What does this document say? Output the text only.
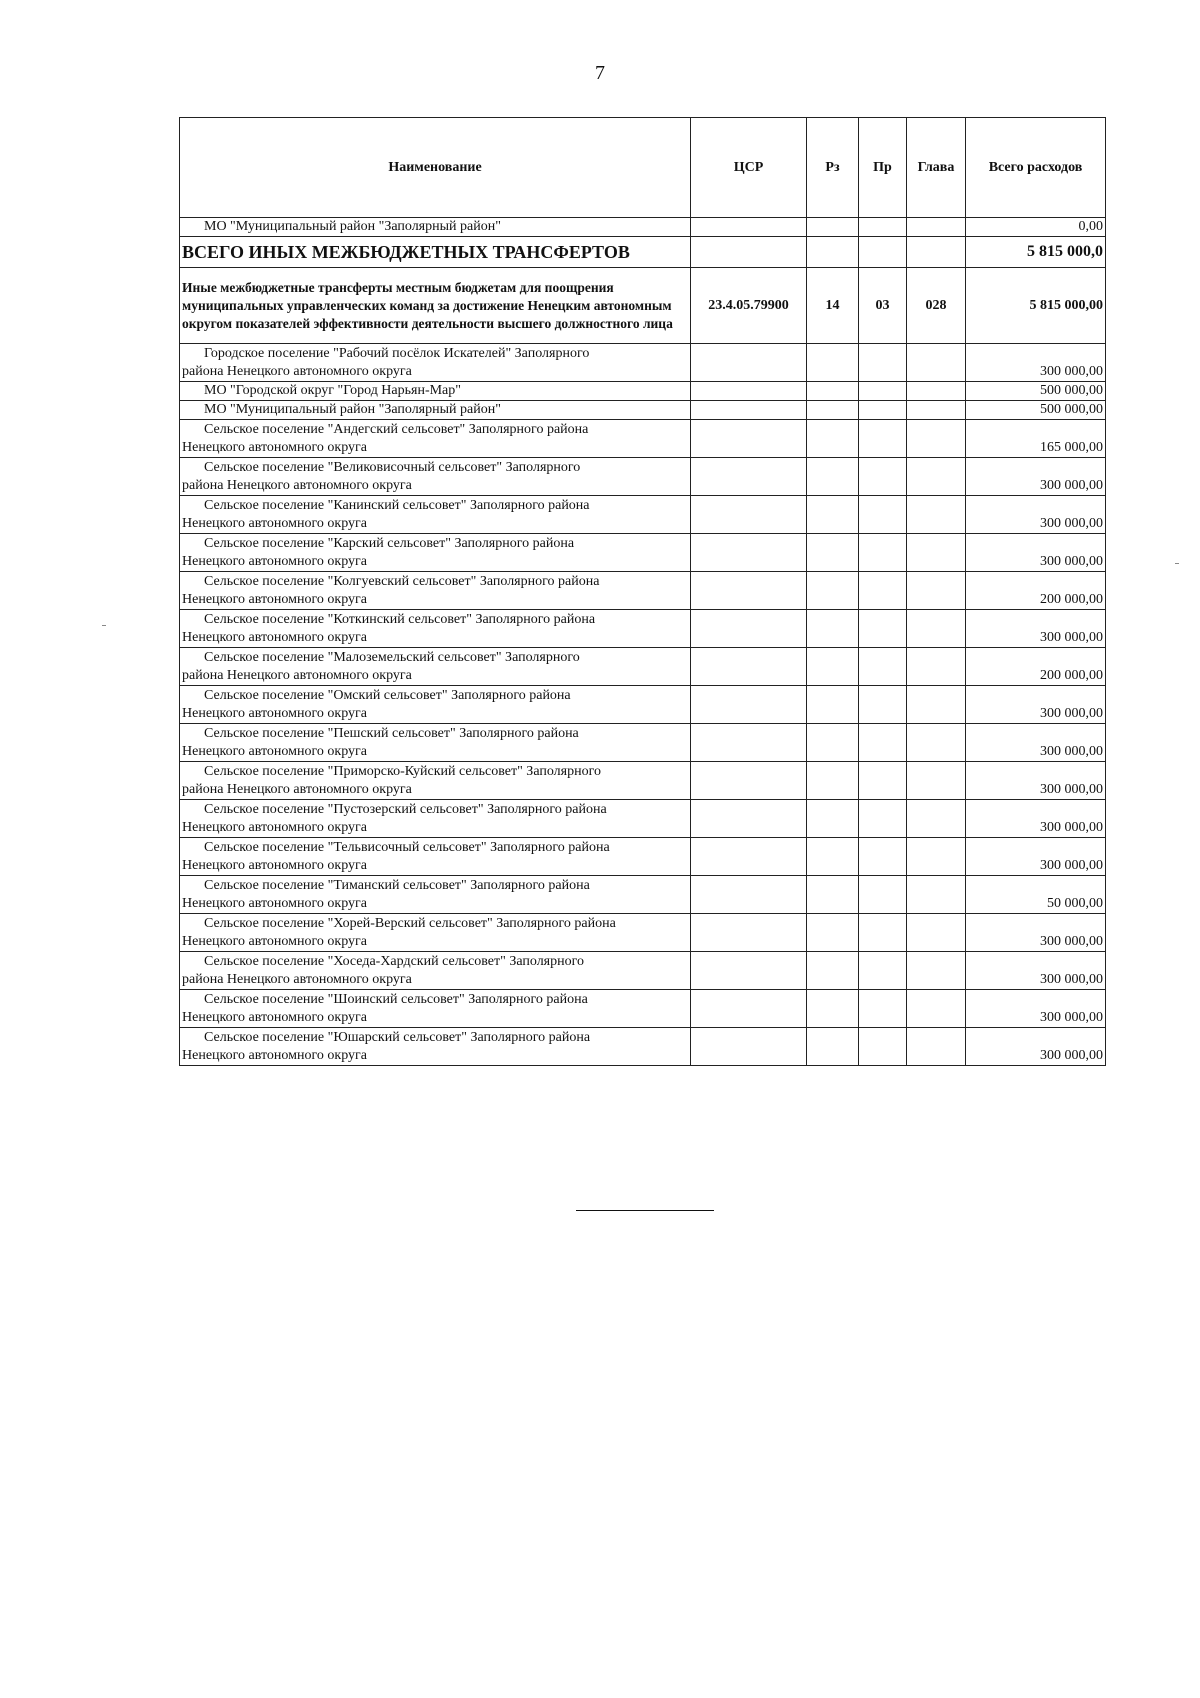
7
Наименование	ЦСР	Рз	Пр	Глава	Всего расходов

МО "Муниципальный район "Заполярный район"					0,00

ВСЕГО ИНЫХ МЕЖБЮДЖЕТНЫХ ТРАНСФЕРТОВ					5 815 000,0

Иные межбюджетные трансферты местным бюджетам для поощрения муниципальных управленческих команд за достижение Ненецким автономным округом показателей эффективности деятельности высшего должностного лица	23.4.05.79900	14	03	028	5 815 000,00

Городское поселение "Рабочий посёлок Искателей" Заполярного
района Ненецкого автономного округа					300 000,00

МО "Городской округ "Город Нарьян-Мар"					500 000,00

МО "Муниципальный район "Заполярный район"					500 000,00

Сельское поселение "Андегский сельсовет" Заполярного района
Ненецкого автономного округа					165 000,00

Сельское поселение "Великовисочный сельсовет" Заполярного
района Ненецкого автономного округа					300 000,00

Сельское поселение "Канинский сельсовет" Заполярного района
Ненецкого автономного округа					300 000,00

Сельское поселение "Карский сельсовет" Заполярного района
Ненецкого автономного округа					300 000,00

Сельское поселение "Колгуевский сельсовет" Заполярного района
Ненецкого автономного округа					200 000,00

Сельское поселение "Коткинский сельсовет" Заполярного района
Ненецкого автономного округа					300 000,00

Сельское поселение "Малоземельский сельсовет" Заполярного
района Ненецкого автономного округа					200 000,00

Сельское поселение "Омский сельсовет" Заполярного района
Ненецкого автономного округа					300 000,00

Сельское поселение "Пешский сельсовет" Заполярного района
Ненецкого автономного округа					300 000,00

Сельское поселение "Приморско-Куйский сельсовет" Заполярного
района Ненецкого автономного округа					300 000,00

Сельское поселение "Пустозерский сельсовет" Заполярного района
Ненецкого автономного округа					300 000,00

Сельское поселение "Тельвисочный сельсовет" Заполярного района
Ненецкого автономного округа					300 000,00

Сельское поселение "Тиманский сельсовет" Заполярного района
Ненецкого автономного округа					50 000,00

Сельское поселение "Хорей-Верский сельсовет" Заполярного района
Ненецкого автономного округа					300 000,00

Сельское поселение "Хоседа-Хардский сельсовет" Заполярного
района Ненецкого автономного округа					300 000,00

Сельское поселение "Шоинский сельсовет" Заполярного района
Ненецкого автономного округа					300 000,00

Сельское поселение "Юшарский сельсовет" Заполярного района
Ненецкого автономного округа					300 000,00
